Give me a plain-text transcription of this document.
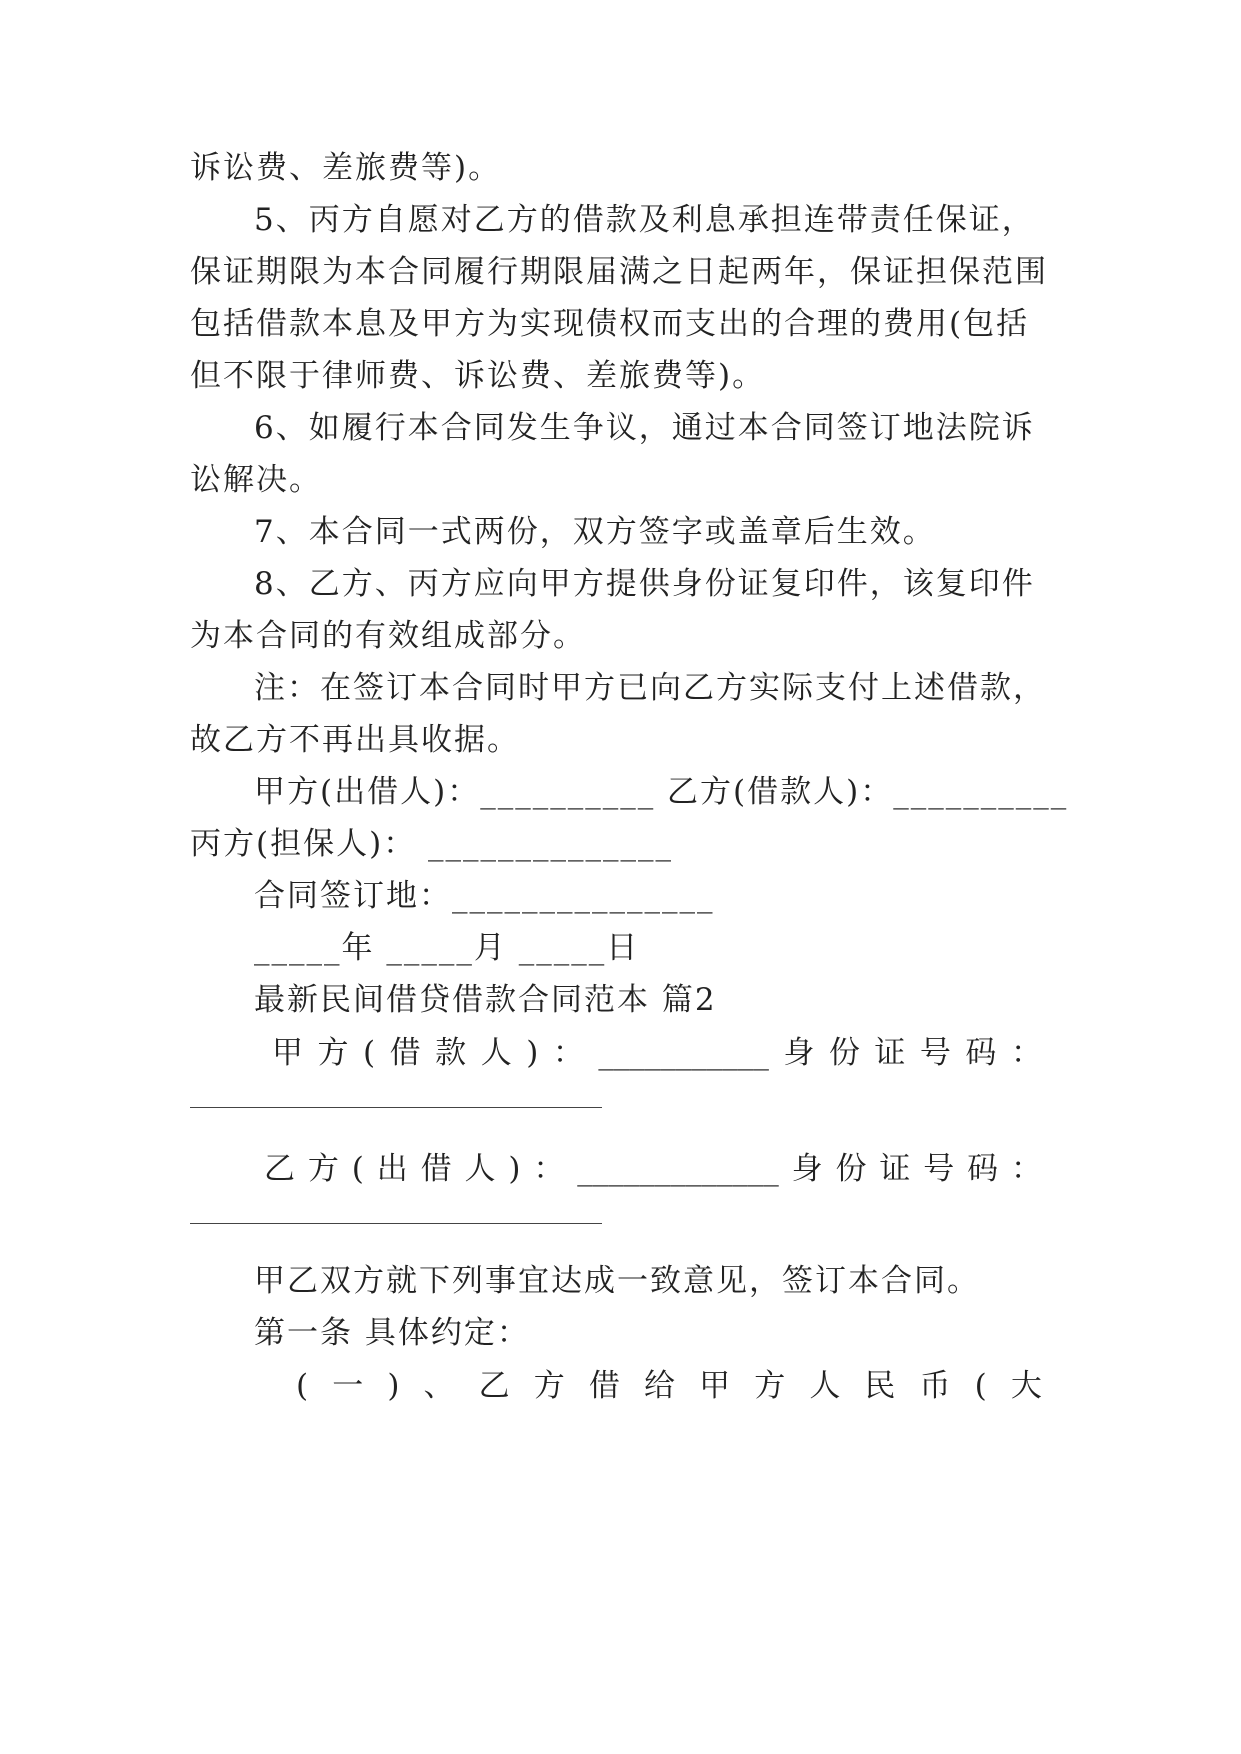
诉讼费、差旅费等)。
5、丙方自愿对乙方的借款及利息承担连带责任保证，
保证期限为本合同履行期限届满之日起两年，保证担保范围
包括借款本息及甲方为实现债权而支出的合理的费用(包括
但不限于律师费、诉讼费、差旅费等)。
6、如履行本合同发生争议，通过本合同签订地法院诉
讼解决。
7、本合同一式两份，双方签字或盖章后生效。
8、乙方、丙方应向甲方提供身份证复印件，该复印件
为本合同的有效组成部分。
注：在签订本合同时甲方已向乙方实际支付上述借款，
故乙方不再出具收据。
甲方(出借人)：__________ 乙方(借款人)：__________
丙方(担保人)： ______________
合同签订地：_______________
_____年 _____月 _____日
最新民间借贷借款合同范本 篇2
甲 方 ( 借 款 人 ) ： ___________ 身 份 证 号 码 ：
乙 方 ( 出 借 人 ) ： _____________ 身 份 证 号 码 ：
甲乙双方就下列事宜达成一致意见，签订本合同。
第一条 具体约定：
( 一 ) 、 乙 方 借 给 甲 方 人 民 币 ( 大
